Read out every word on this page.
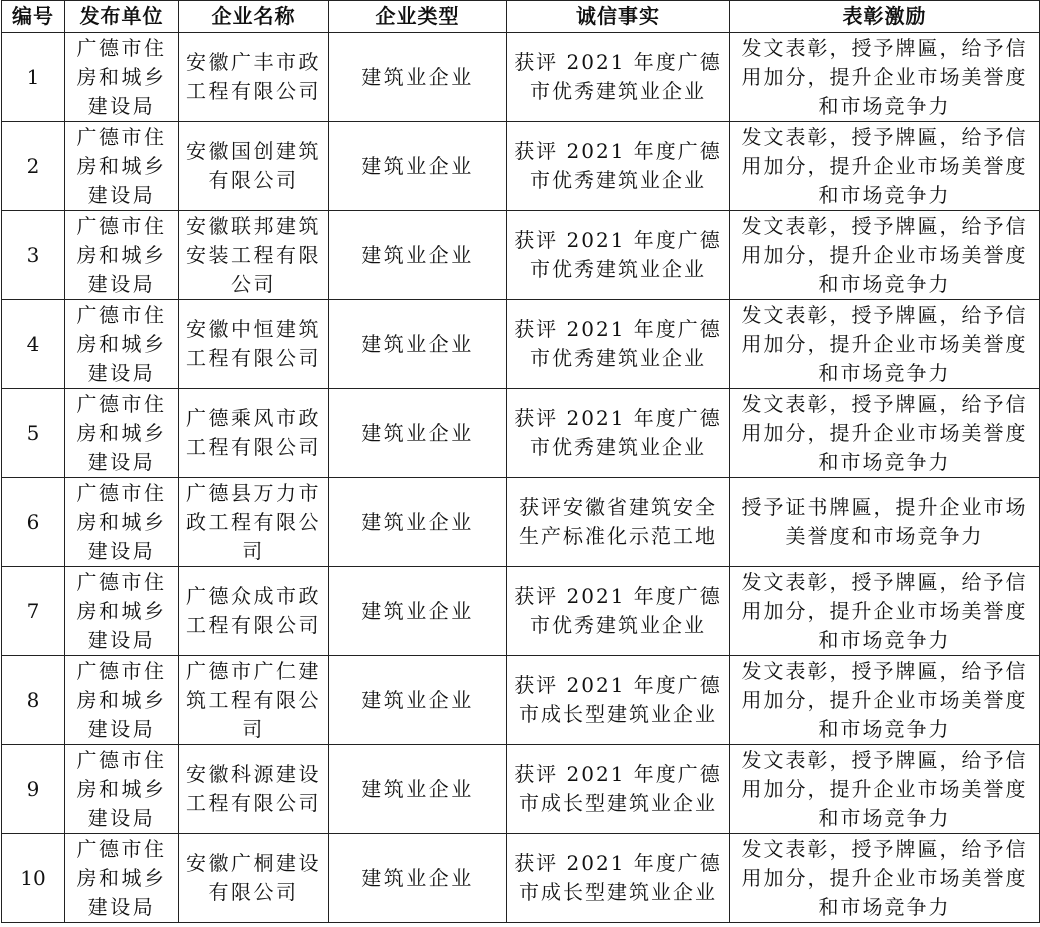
编号	发布单位	企业名称	企业类型	诚信事实	表彰激励
1	广德市住房和城乡建设局	安徽广丰市政工程有限公司	建筑业企业	获评 2021 年度广德市优秀建筑业企业	发文表彰，授予牌匾，给予信用加分，提升企业市场美誉度和市场竞争力
2	广德市住房和城乡建设局	安徽国创建筑有限公司	建筑业企业	获评 2021 年度广德市优秀建筑业企业	发文表彰，授予牌匾，给予信用加分，提升企业市场美誉度和市场竞争力
3	广德市住房和城乡建设局	安徽联邦建筑安装工程有限公司	建筑业企业	获评 2021 年度广德市优秀建筑业企业	发文表彰，授予牌匾，给予信用加分，提升企业市场美誉度和市场竞争力
4	广德市住房和城乡建设局	安徽中恒建筑工程有限公司	建筑业企业	获评 2021 年度广德市优秀建筑业企业	发文表彰，授予牌匾，给予信用加分，提升企业市场美誉度和市场竞争力
5	广德市住房和城乡建设局	广德乘风市政工程有限公司	建筑业企业	获评 2021 年度广德市优秀建筑业企业	发文表彰，授予牌匾，给予信用加分，提升企业市场美誉度和市场竞争力
6	广德市住房和城乡建设局	广德县万力市政工程有限公司	建筑业企业	获评安徽省建筑安全生产标准化示范工地	授予证书牌匾，提升企业市场美誉度和市场竞争力
7	广德市住房和城乡建设局	广德众成市政工程有限公司	建筑业企业	获评 2021 年度广德市优秀建筑业企业	发文表彰，授予牌匾，给予信用加分，提升企业市场美誉度和市场竞争力
8	广德市住房和城乡建设局	广德市广仁建筑工程有限公司	建筑业企业	获评 2021 年度广德市成长型建筑业企业	发文表彰，授予牌匾，给予信用加分，提升企业市场美誉度和市场竞争力
9	广德市住房和城乡建设局	安徽科源建设工程有限公司	建筑业企业	获评 2021 年度广德市成长型建筑业企业	发文表彰，授予牌匾，给予信用加分，提升企业市场美誉度和市场竞争力
10	广德市住房和城乡建设局	安徽广桐建设有限公司	建筑业企业	获评 2021 年度广德市成长型建筑业企业	发文表彰，授予牌匾，给予信用加分，提升企业市场美誉度和市场竞争力
